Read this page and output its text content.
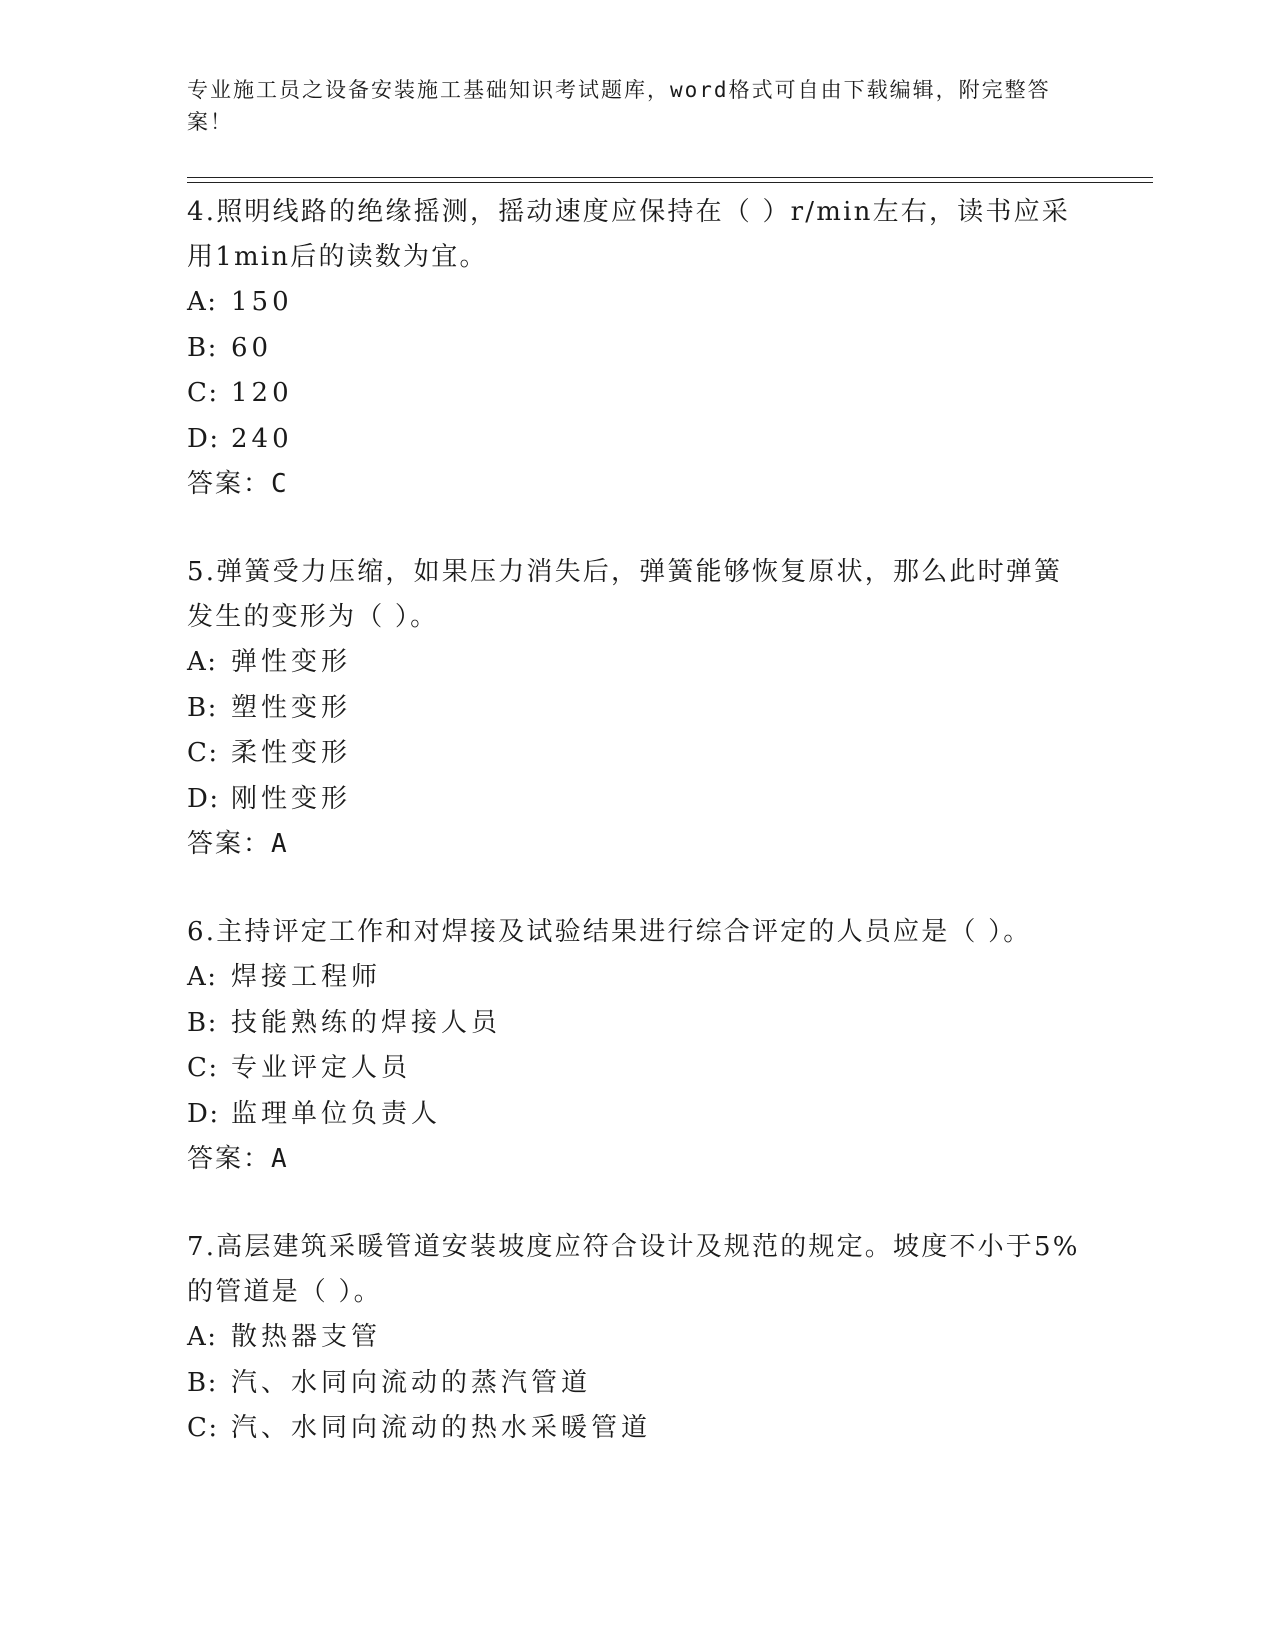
专业施工员之设备安装施工基础知识考试题库，word格式可自由下载编辑，附完整答案！

4.照明线路的绝缘摇测，摇动速度应保持在（ ）r/min左右，读书应采用1min后的读数为宜。

A: 150

B: 60

C: 120

D: 240

答案：C

5.弹簧受力压缩，如果压力消失后，弹簧能够恢复原状，那么此时弹簧发生的变形为（ ）。

A: 弹性变形

B: 塑性变形

C: 柔性变形

D: 刚性变形

答案：A

6.主持评定工作和对焊接及试验结果进行综合评定的人员应是（ ）。

A: 焊接工程师

B: 技能熟练的焊接人员

C: 专业评定人员

D: 监理单位负责人

答案：A

7.高层建筑采暖管道安装坡度应符合设计及规范的规定。坡度不小于5%的管道是（ ）。

A: 散热器支管

B: 汽、水同向流动的蒸汽管道

C: 汽、水同向流动的热水采暖管道
